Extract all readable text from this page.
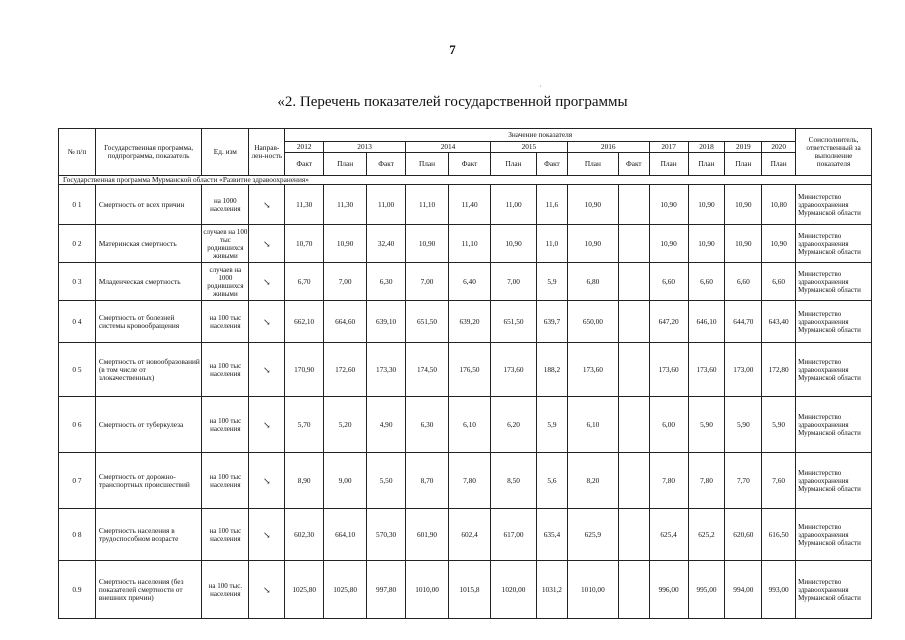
7
·
«2. Перечень показателей государственной программы
№ п/п	Государственная программа, подпрограмма, показатель	Ед. изм	Направ-лен-ность	Значение показателя													Соисполнитель, ответственный за выполнение показателя
				2012	2013		2014		2015		2016		2017	2018	2019	2020	
				Факт	План	Факт	План	Факт	План	Факт	План	Факт	План	План	План	План	
Государственная программа Мурманской области «Развитие здравоохранения»																	
0 1	Смертность от всех причин	на 1000 населения	↘	11,30	11,30	11,00	11,10	11,40	11,00	11,6	10,90		10,90	10,90	10,90	10,80	Министерство здравоохранения Мурманской области
0 2	Материнская смертность	случаев на 100 тыс родившихся живыми	↘	10,70	10,90	32,40	10,90	11,10	10,90	11,0	10,90		10,90	10,90	10,90	10,90	Министерство здравоохранения Мурманской области
0 3	Младенческая смертность	случаев на 1000 родившихся живыми	↘	6,70	7,00	6,30	7,00	6,40	7,00	5,9	6,80		6,60	6,60	6,60	6,60	Министерство здравоохранения Мурманской области
0 4	Смертность от болезней системы кровообращения	на 100 тыс населения	↘	662,10	664,60	639,10	651,50	639,20	651,50	639,7	650,00		647,20	646,10	644,70	643,40	Министерство здравоохранения Мурманской области
0 5	Смертность от новообразований (в том числе от злокачественных)	на 100 тыс населения	↘	170,90	172,60	173,30	174,50	176,50	173,60	188,2	173,60		173,60	173,60	173,00	172,80	Министерство здравоохранения Мурманской области
0 6	Смертность от туберкулеза	на 100 тыс населения	↘	5,70	5,20	4,90	6,30	6,10	6,20	5,9	6,10		6,00	5,90	5,90	5,90	Министерство здравоохранения Мурманской области
0 7	Смертность от дорожно-транспортных происшествий	на 100 тыс населения	↘	8,90	9,00	5,50	8,70	7,80	8,50	5,6	8,20		7,80	7,80	7,70	7,60	Министерство здравоохранения Мурманской области
0 8	Смертность населения в трудоспособном возрасте	на 100 тыс населения	↘	602,30	664,10	570,30	601,90	602,4	617,00	635,4	625,9		625,4	625,2	620,60	616,50	Министерство здравоохранения Мурманской области
0.9	Смертность населения (без показателей смертности от внешних причин)	на 100 тыс. населения	↘	1025,80	1025,80	997,80	1010,00	1015,8	1020,00	1031,2	1010,00		996,00	995,00	994,00	993,00	Министерство здравоохранения Мурманской области
